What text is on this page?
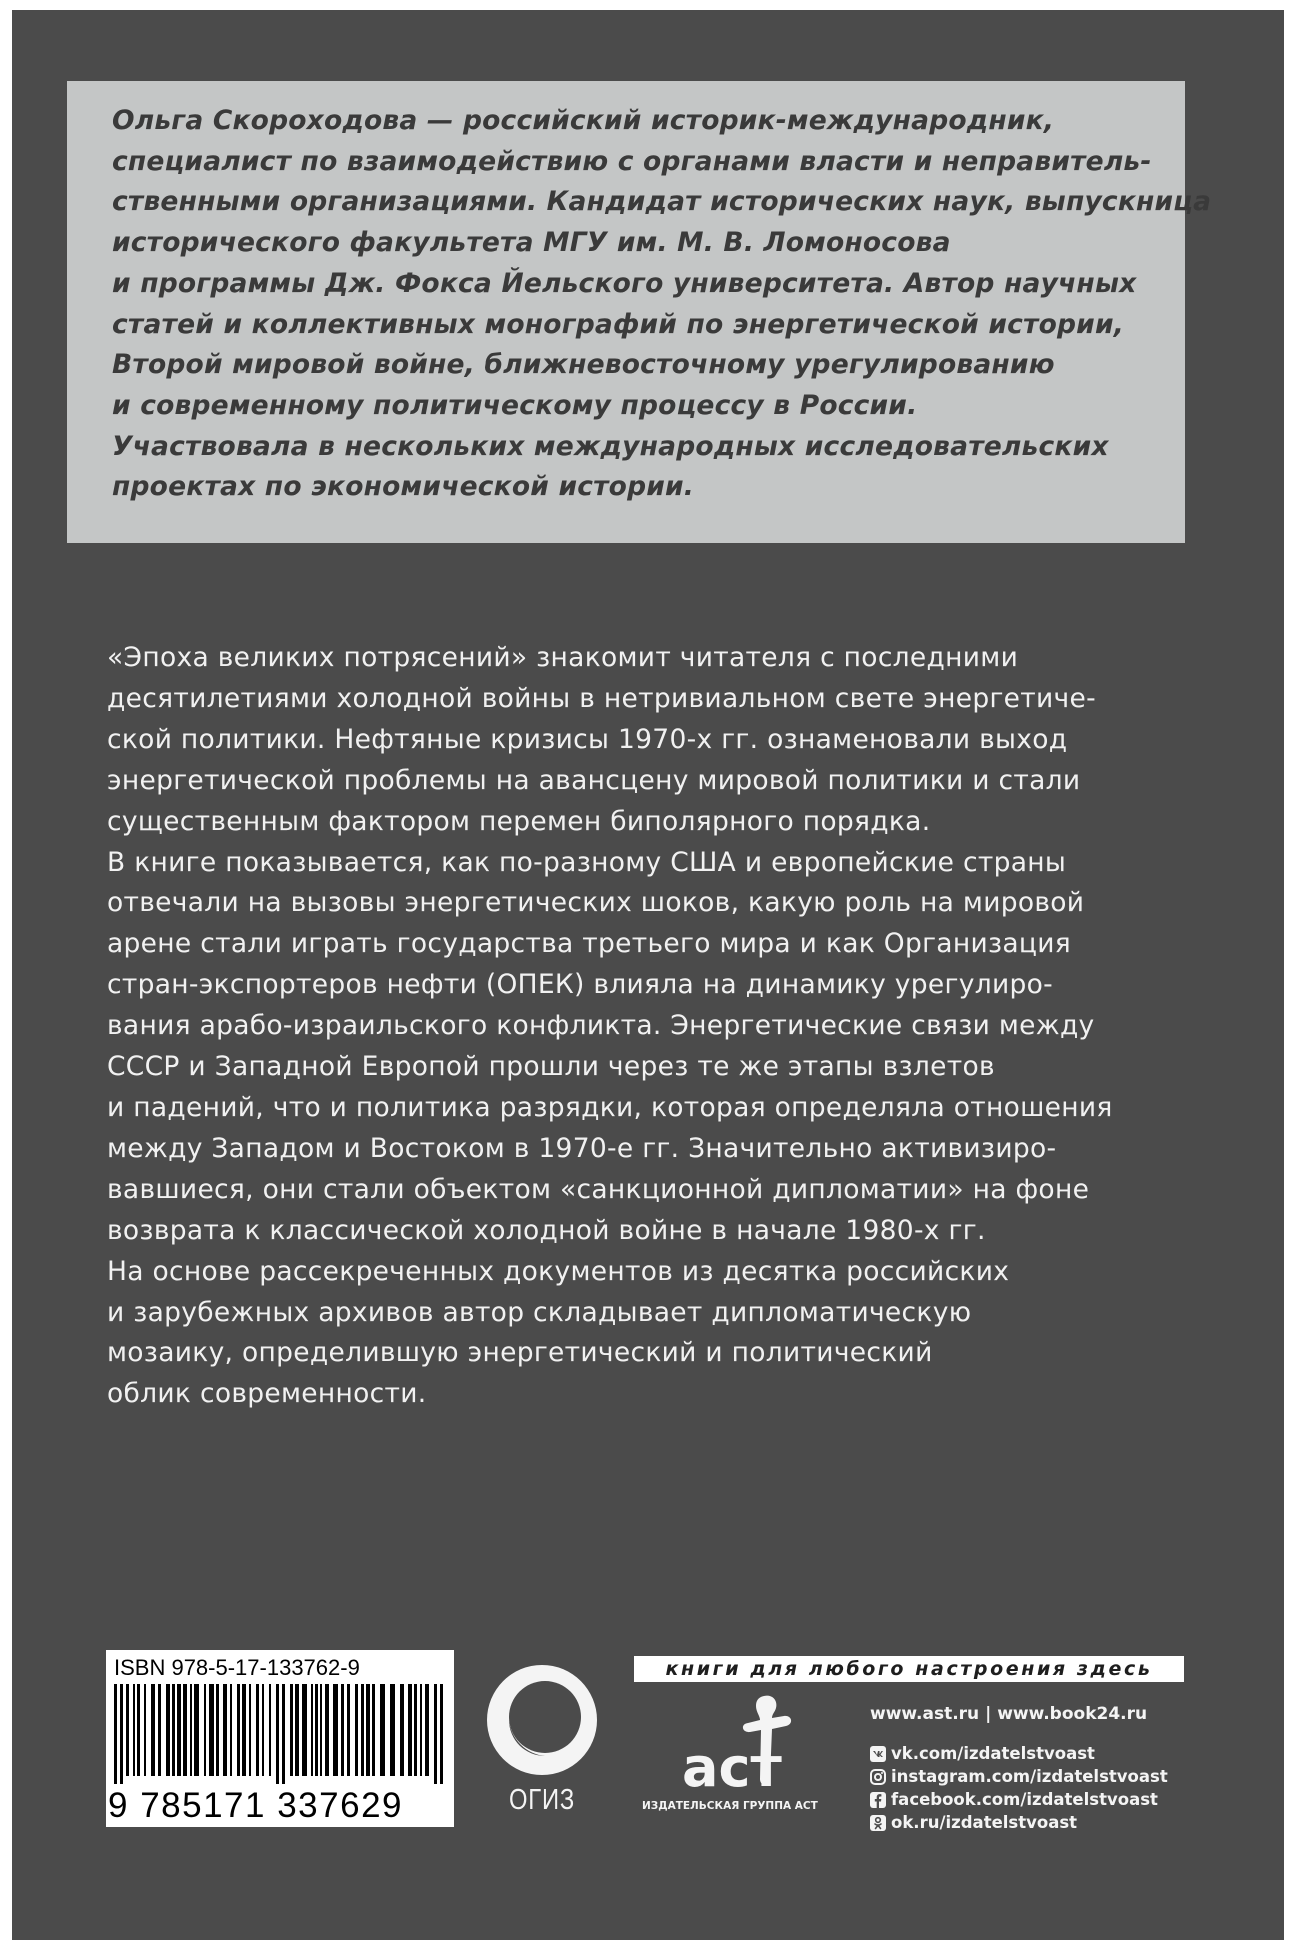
Ольга Скороходова — российский историк-международник,
специалист по взаимодействию с органами власти и неправитель-
ственными организациями. Кандидат исторических наук, выпускница
исторического факультета МГУ им. М. В. Ломоносова
и программы Дж. Фокса Йельского университета. Автор научных
статей и коллективных монографий по энергетической истории,
Второй мировой войне, ближневосточному урегулированию
и современному политическому процессу в России.
Участвовала в нескольких международных исследовательских
проектах по экономической истории.

«Эпоха великих потрясений» знакомит читателя с последними
десятилетиями холодной войны в нетривиальном свете энергетиче-
ской политики. Нефтяные кризисы 1970-х гг. ознаменовали выход
энергетической проблемы на авансцену мировой политики и стали
существенным фактором перемен биполярного порядка.
В книге показывается, как по-разному США и европейские страны
отвечали на вызовы энергетических шоков, какую роль на мировой
арене стали играть государства третьего мира и как Организация
стран-экспортеров нефти (ОПЕК) влияла на динамику урегулиро-
вания арабо-израильского конфликта. Энергетические связи между
СССР и Западной Европой прошли через те же этапы взлетов
и падений, что и политика разрядки, которая определяла отношения
между Западом и Востоком в 1970-е гг. Значительно активизиро-
вавшиеся, они стали объектом «санкционной дипломатии» на фоне
возврата к классической холодной войне в начале 1980-х гг.
На основе рассекреченных документов из десятка российских
и зарубежных архивов автор складывает дипломатическую
мозаику, определившую энергетический и политический
облик современности.

ISBN 978-5-17-133762-9
9 785171 337629	ОГИЗ
книги для любого настроения здесь
аст
ИЗДАТЕЛЬСКАЯ ГРУППА АСТ
www.ast.ru | www.book24.ru
vk.com/izdatelstvoast
instagram.com/izdatelstvoast
facebook.com/izdatelstvoast
ok.ru/izdatelstvoast
